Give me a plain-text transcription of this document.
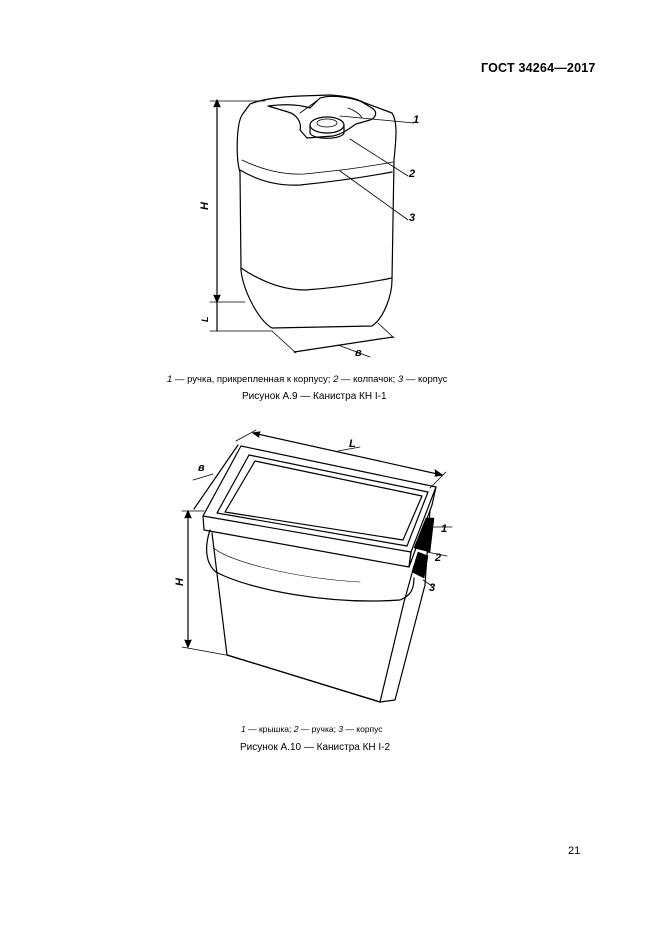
ГОСТ 34264—2017
H
L
в
1
2
3
1 — ручка, прикрепленная к корпусу; 2 — колпачок; 3 — корпус
Рисунок А.9 — Канистра КН I-1
L
в
H
1
2
3
1 — крышка; 2 — ручка; 3 — корпус
Рисунок А.10 — Канистра КН I-2
21
